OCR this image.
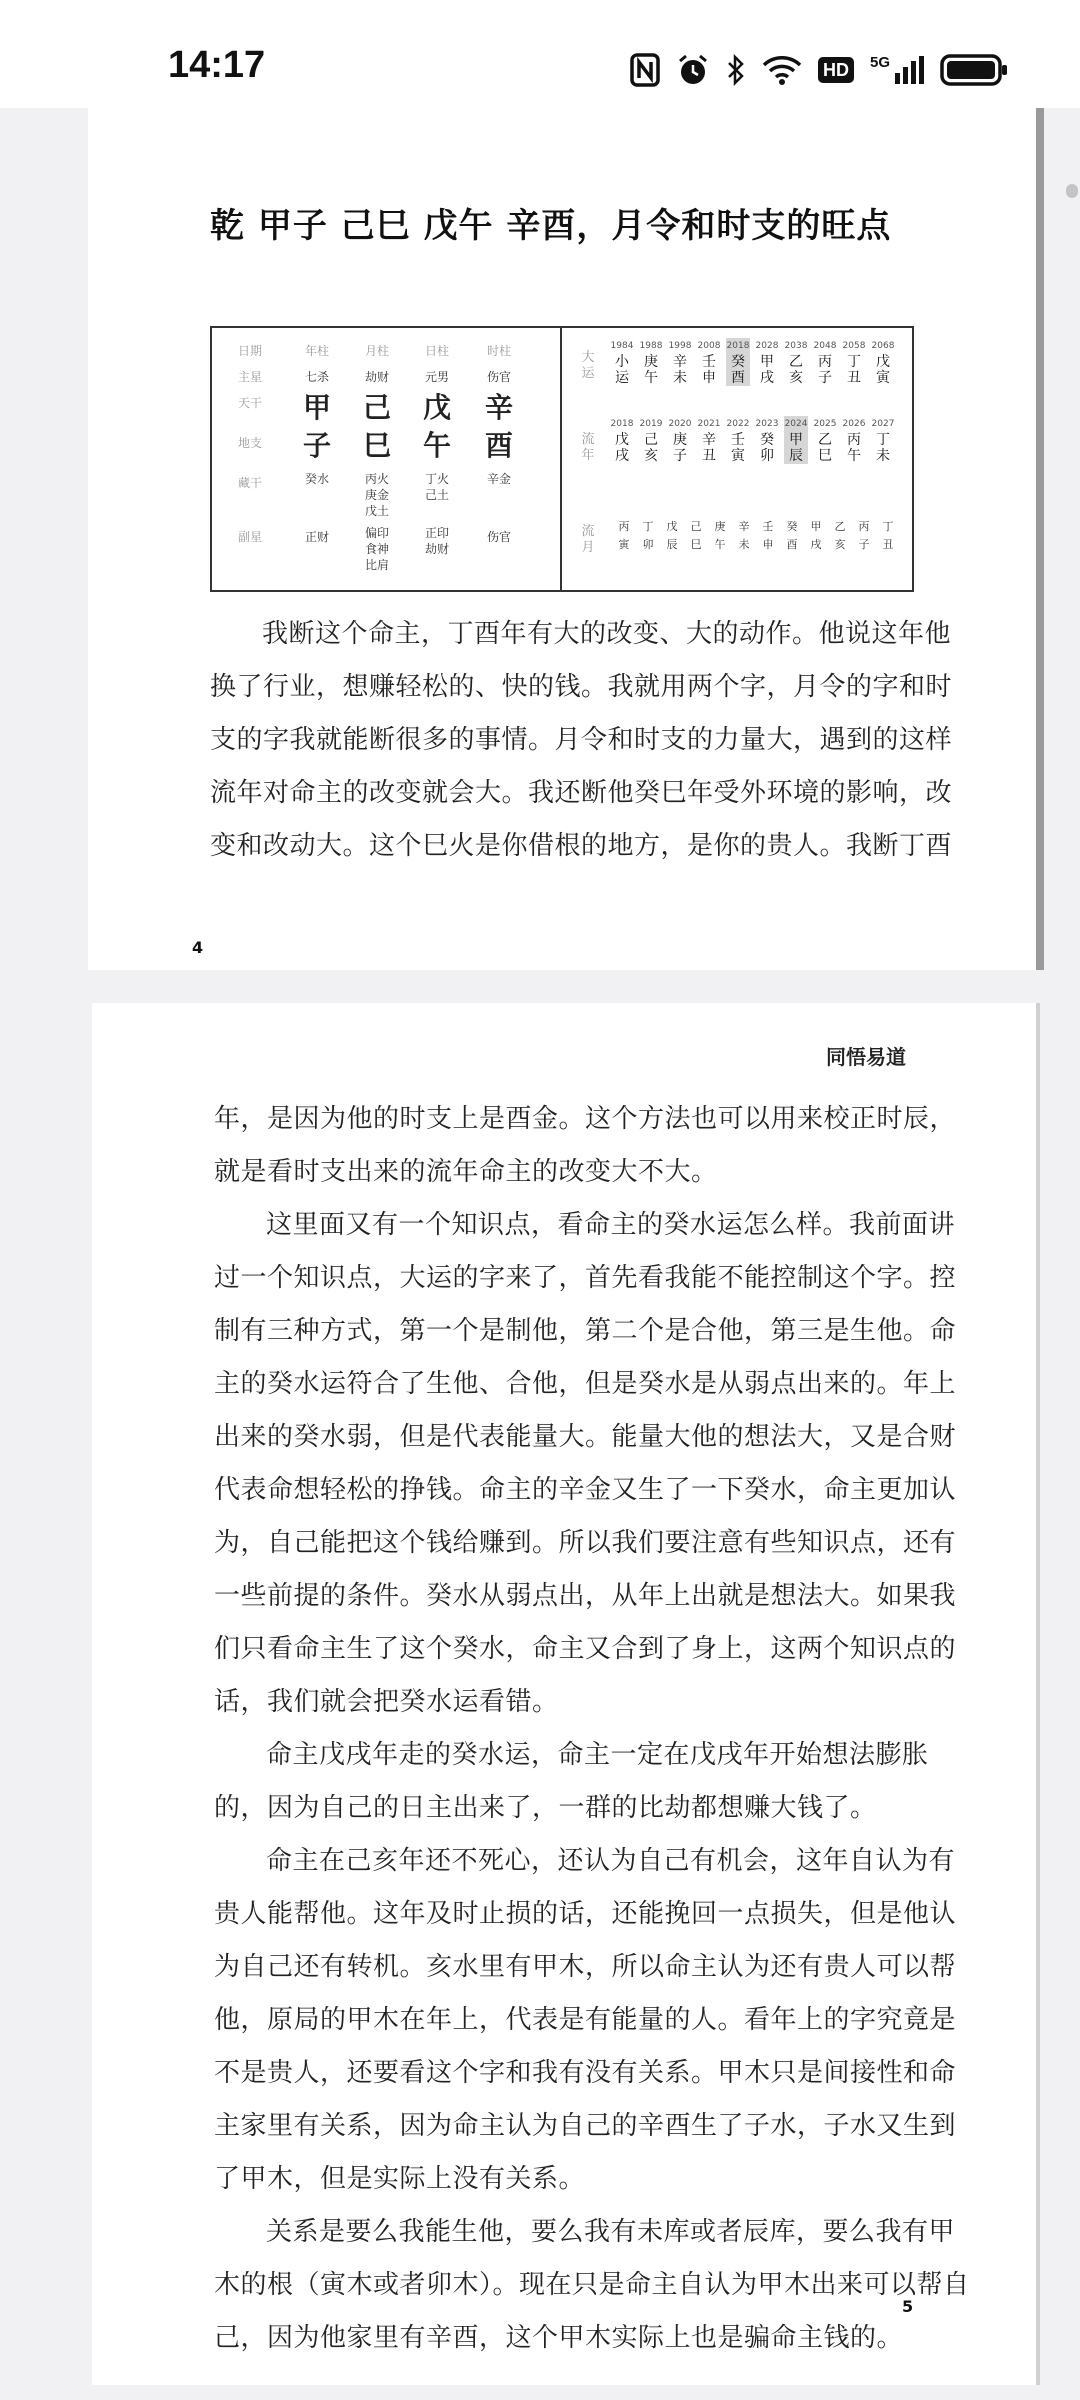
14:17	HD	5G
乾 甲子 己巳 戊午 辛酉，月令和时支的旺点
日期
主星
天干
地支
藏干
副星
年柱
七杀
甲
子
癸水
正财
月柱
劫财
己
巳
丙火
庚金
戊土
偏印
食神
比肩
日柱
元男
戊
午
丁火
己土
正印
劫财
时柱
伤官
辛
酉
辛金
伤官
大运
1984
小运
1988
庚午
1998
辛未
2008
壬申
2018
癸酉
2028
甲戌
2038
乙亥
2048
丙子
2058
丁丑
2068
戊寅
流年
2018
戊戌
2019
己亥
2020
庚子
2021
辛丑
2022
壬寅
2023
癸卯
2024
甲辰
2025
乙巳
2026
丙午
2027
丁未
流月
丙 丁 戊 己 庚 辛 壬 癸 甲 乙 丙 丁
寅 卯 辰 巳 午 未 申 酉 戌 亥 子 丑

我断这个命主，丁酉年有大的改变、大的动作。他说这年他换了行业，想赚轻松的、快的钱。我就用两个字，月令的字和时支的字我就能断很多的事情。月令和时支的力量大，遇到的这样流年对命主的改变就会大。我还断他癸巳年受外环境的影响，改变和改动大。这个巳火是你借根的地方，是你的贵人。我断丁酉

4
同悟易道

年，是因为他的时支上是酉金。这个方法也可以用来校正时辰，就是看时支出来的流年命主的改变大不大。

这里面又有一个知识点，看命主的癸水运怎么样。我前面讲过一个知识点，大运的字来了，首先看我能不能控制这个字。控制有三种方式，第一个是制他，第二个是合他，第三是生他。命主的癸水运符合了生他、合他，但是癸水是从弱点出来的。年上出来的癸水弱，但是代表能量大。能量大他的想法大，又是合财代表命想轻松的挣钱。命主的辛金又生了一下癸水，命主更加认为，自己能把这个钱给赚到。所以我们要注意有些知识点，还有一些前提的条件。癸水从弱点出，从年上出就是想法大。如果我们只看命主生了这个癸水，命主又合到了身上，这两个知识点的话，我们就会把癸水运看错。

命主戊戌年走的癸水运，命主一定在戊戌年开始想法膨胀的，因为自己的日主出来了，一群的比劫都想赚大钱了。

命主在己亥年还不死心，还认为自己有机会，这年自认为有贵人能帮他。这年及时止损的话，还能挽回一点损失，但是他认为自己还有转机。亥水里有甲木，所以命主认为还有贵人可以帮他，原局的甲木在年上，代表是有能量的人。看年上的字究竟是不是贵人，还要看这个字和我有没有关系。甲木只是间接性和命主家里有关系，因为命主认为自己的辛酉生了子水，子水又生到了甲木，但是实际上没有关系。

关系是要么我能生他，要么我有未库或者辰库，要么我有甲木的根（寅木或者卯木）。现在只是命主自认为甲木出来可以帮自己，因为他家里有辛酉，这个甲木实际上也是骗命主钱的。

5
